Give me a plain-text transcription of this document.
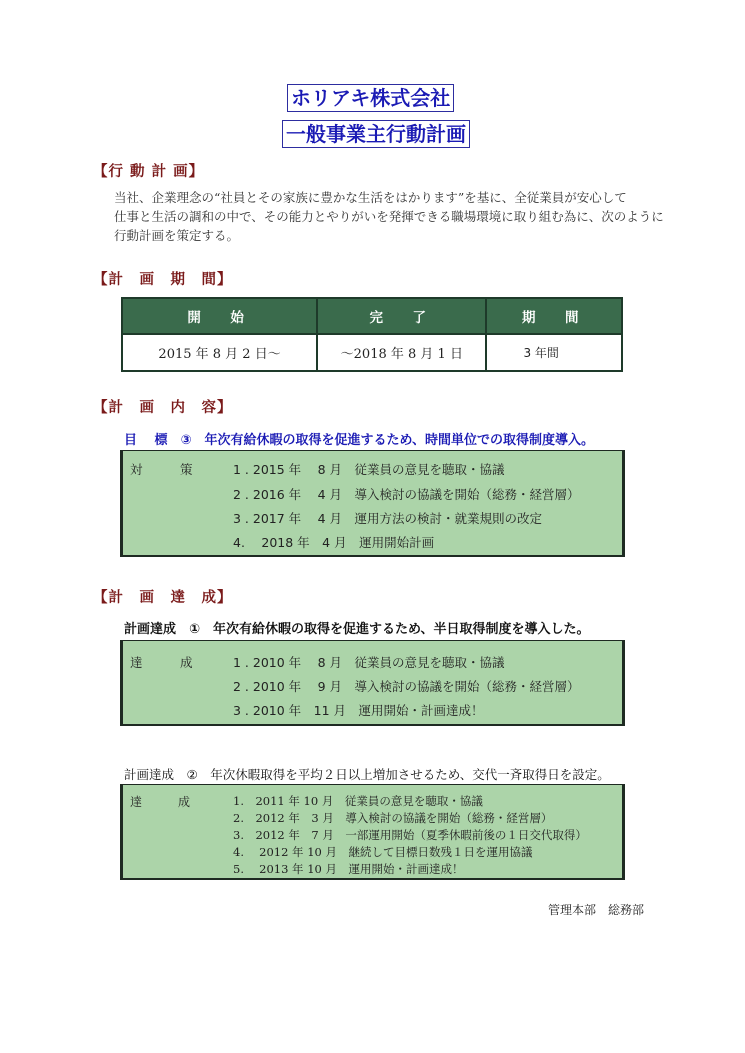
ホリアキ株式会社
一般事業主行動計画
【行 動 計 画】
当社、企業理念の“社員とその家族に豊かな生活をはかります”を基に、全従業員が安心して
仕事と生活の調和の中で、その能力とやりがいを発揮できる職場環境に取り組む為に、次のように
行動計画を策定する。
【計　画　期　間】
開　始	完　了	期　間
2015 年 8 月 2 日～	～2018 年 8 月 1 日	3 年間
【計　画　内　容】
目　 標　③　年次有給休暇の取得を促進するため、時間単位での取得制度導入。
対　　　策	1 . 2015 年　 8 月　従業員の意見を聴取・協議
2 . 2016 年　 4 月　導入検討の協議を開始（総務・経営層）
3 . 2017 年　 4 月　運用方法の検討・就業規則の改定
4.　 2018 年　4 月　運用開始計画
【計　画　達　成】
計画達成　①　年次有給休暇の取得を促進するため、半日取得制度を導入した。
達　　　成	1 . 2010 年　 8 月　従業員の意見を聴取・協議
2 . 2010 年　 9 月　導入検討の協議を開始（総務・経営層）
3 . 2010 年　11 月　運用開始・計画達成！
計画達成　②　年次休暇取得を平均２日以上増加させるため、交代一斉取得日を設定。
達　　　成	1.　2011 年 10 月　従業員の意見を聴取・協議
2.　2012 年　3 月　導入検討の協議を開始（総務・経営層）
3.　2012 年　7 月　一部運用開始（夏季休暇前後の１日交代取得）
4.　 2012 年 10 月　継続して目標日数残１日を運用協議
5.　 2013 年 10 月　運用開始・計画達成！
管理本部　総務部
